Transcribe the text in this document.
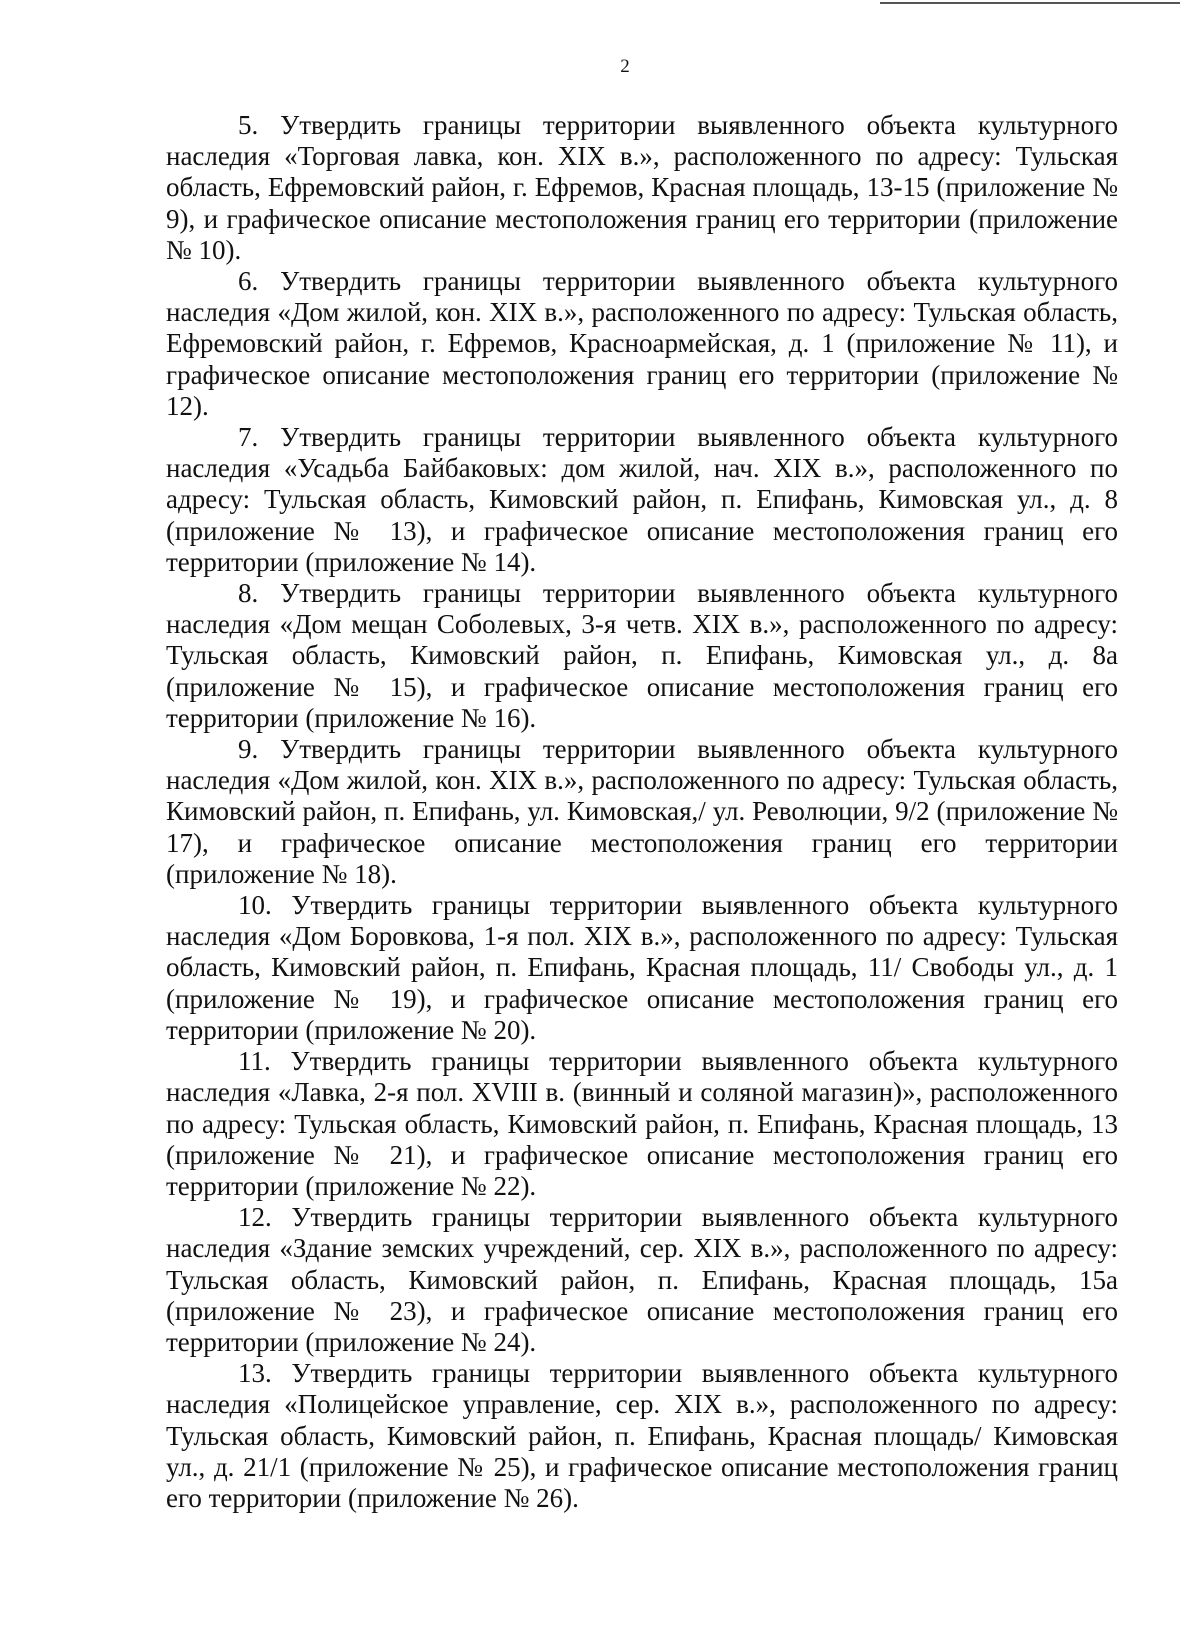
2

5. Утвердить границы территории выявленного объекта культурного наследия «Торговая лавка, кон. XIX в.», расположенного по адресу: Тульская область, Ефремовский район, г. Ефремов, Красная площадь, 13-15 (приложение № 9), и графическое описание местоположения границ его территории (приложение № 10).

6. Утвердить границы территории выявленного объекта культурного наследия «Дом жилой, кон. XIX в.», расположенного по адресу: Тульская область, Ефремовский район, г. Ефремов, Красноармейская, д. 1 (приложение № 11), и графическое описание местоположения границ его территории (приложение № 12).

7. Утвердить границы территории выявленного объекта культурного наследия «Усадьба Байбаковых: дом жилой, нач. XIX в.», расположенного по адресу: Тульская область, Кимовский район, п. Епифань, Кимовская ул., д. 8 (приложение № 13), и графическое описание местоположения границ его территории (приложение № 14).

8. Утвердить границы территории выявленного объекта культурного наследия «Дом мещан Соболевых, 3-я четв. XIX в.», расположенного по адресу: Тульская область, Кимовский район, п. Епифань, Кимовская ул., д. 8а (приложение № 15), и графическое описание местоположения границ его территории (приложение № 16).

9. Утвердить границы территории выявленного объекта культурного наследия «Дом жилой, кон. XIX в.», расположенного по адресу: Тульская область, Кимовский район, п. Епифань, ул. Кимовская,/ ул. Революции, 9/2 (приложение № 17), и графическое описание местоположения границ его территории (приложение № 18).

10. Утвердить границы территории выявленного объекта культурного наследия «Дом Боровкова, 1-я пол. XIX в.», расположенного по адресу: Тульская область, Кимовский район, п. Епифань, Красная площадь, 11/ Свободы ул., д. 1 (приложение № 19), и графическое описание местоположения границ его территории (приложение № 20).

11. Утвердить границы территории выявленного объекта культурного наследия «Лавка, 2-я пол. XVIII в. (винный и соляной магазин)», расположенного по адресу: Тульская область, Кимовский район, п. Епифань, Красная площадь, 13 (приложение № 21), и графическое описание местоположения границ его территории (приложение № 22).

12. Утвердить границы территории выявленного объекта культурного наследия «Здание земских учреждений, сер. XIX в.», расположенного по адресу: Тульская область, Кимовский район, п. Епифань, Красная площадь, 15а (приложение № 23), и графическое описание местоположения границ его территории (приложение № 24).

13. Утвердить границы территории выявленного объекта культурного наследия «Полицейское управление, сер. XIX в.», расположенного по адресу: Тульская область, Кимовский район, п. Епифань, Красная площадь/ Кимовская ул., д. 21/1 (приложение № 25), и графическое описание местоположения границ его территории (приложение № 26).
